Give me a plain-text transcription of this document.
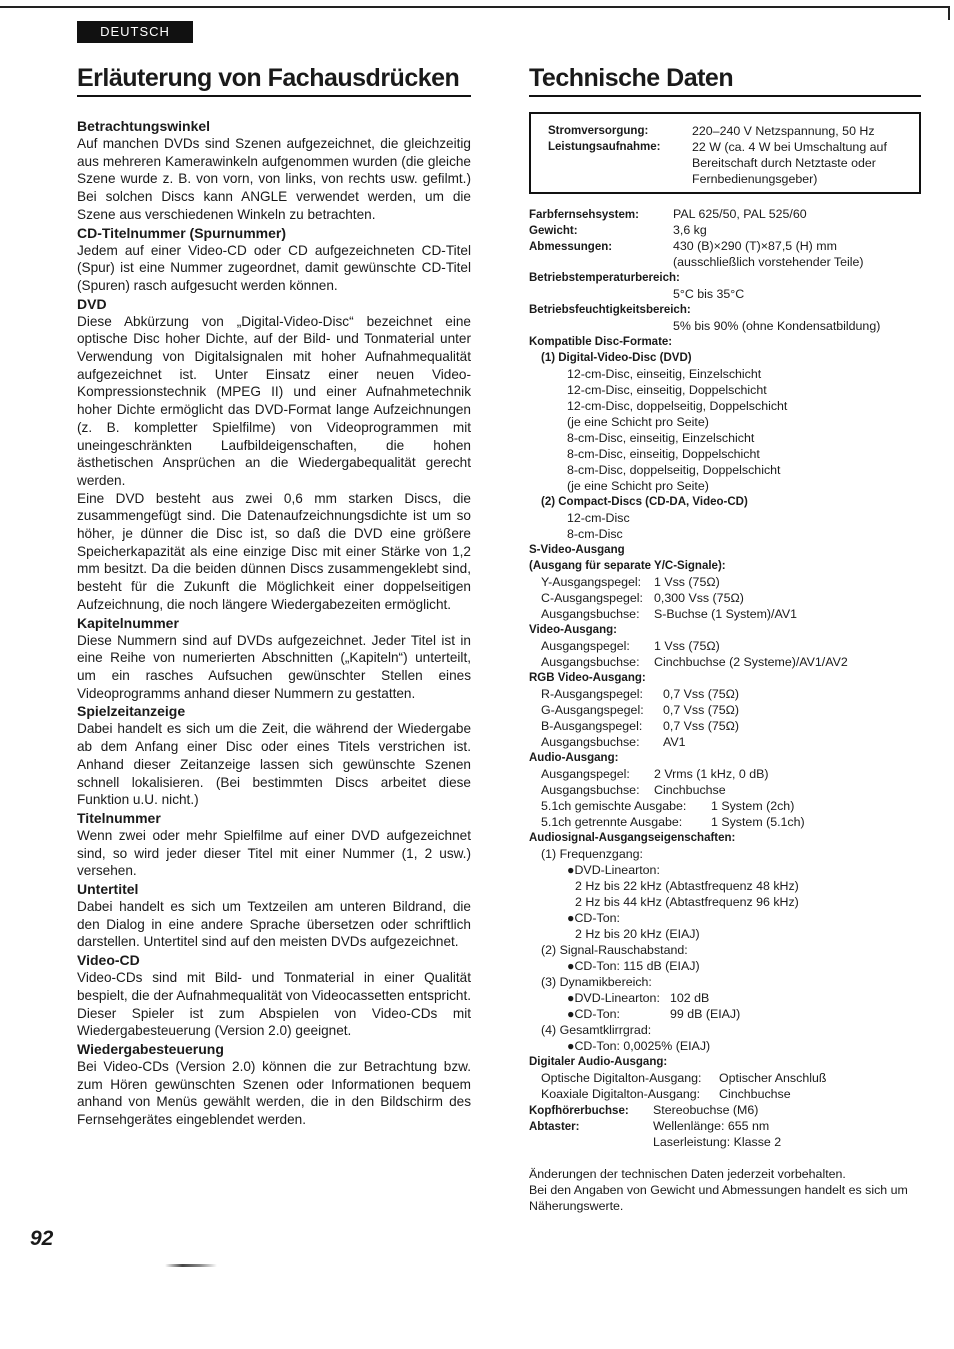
DEUTSCH
Erläuterung von Fachausdrücken	Technische Daten
Betrachtungswinkel

Auf manchen DVDs sind Szenen aufgezeichnet, die gleichzeitig aus mehreren Kamerawinkeln aufgenommen wurden (die gleiche Szene wurde z. B. von vorn, von links, von rechts usw. gefilmt.) Bei solchen Discs kann ANGLE verwendet werden, um die Szene aus verschiedenen Winkeln zu betrachten.

CD-Titelnummer (Spurnummer)

Jedem auf einer Video-CD oder CD aufgezeichneten CD-Titel (Spur) ist eine Nummer zugeordnet, damit gewünschte CD-Titel (Spuren) rasch aufgesucht werden können.

DVD

Diese Abkürzung von „Digital-Video-Disc“ bezeichnet eine optische Disc hoher Dichte, auf der Bild- und Tonmaterial unter Verwendung von Digitalsignalen mit hoher Aufnahmequalität aufgezeichnet ist. Unter Einsatz einer neuen Video-Kompressionstechnik (MPEG II) und einer Aufnahmetechnik hoher Dichte ermöglicht das DVD-Format lange Aufzeichnungen (z. B. kompletter Spielfilme) von Videoprogrammen mit uneingeschränkten Laufbildeigenschaften, die hohen ästhetischen Ansprüchen an die Wiedergabequalität gerecht werden.

Eine DVD besteht aus zwei 0,6 mm starken Discs, die zusammengefügt sind. Die Datenaufzeichnungsdichte ist um so höher, je dünner die Disc ist, so daß die DVD eine größere Speicherkapazität als eine einzige Disc mit einer Stärke von 1,2 mm besitzt. Da die beiden dünnen Discs zusammengeklebt sind, besteht für die Zukunft die Möglichkeit einer doppelseitigen Aufzeichnung, die noch längere Wiedergabezeiten ermöglicht.

Kapitelnummer

Diese Nummern sind auf DVDs aufgezeichnet. Jeder Titel ist in eine Reihe von numerierten Abschnitten („Kapiteln“) unterteilt, um ein rasches Aufsuchen gewünschter Stellen eines Videoprogramms anhand dieser Nummern zu gestatten.

Spielzeitanzeige

Dabei handelt es sich um die Zeit, die während der Wiedergabe ab dem Anfang einer Disc oder eines Titels verstrichen ist. Anhand dieser Zeitanzeige lassen sich gewünschte Szenen schnell lokalisieren. (Bei bestimmten Discs arbeitet diese Funktion u.U. nicht.)

Titelnummer

Wenn zwei oder mehr Spielfilme auf einer DVD aufgezeichnet sind, so wird jeder dieser Titel mit einer Nummer (1, 2 usw.) versehen.

Untertitel

Dabei handelt es sich um Textzeilen am unteren Bildrand, die den Dialog in eine andere Sprache übersetzen oder schriftlich darstellen. Untertitel sind auf den meisten DVDs aufgezeichnet.

Video-CD

Video-CDs sind mit Bild- und Tonmaterial in einer Qualität bespielt, die der Aufnahmequalität von Videocassetten entspricht. Dieser Spieler ist zum Abspielen von Video-CDs mit Wiedergabesteuerung (Version 2.0) geeignet.

Wiedergabesteuerung

Bei Video-CDs (Version 2.0) können die zur Betrachtung bzw. zum Hören gewünschten Szenen oder Informationen bequem anhand von Menüs gewählt werden, die in den Bildschirm des Fernsehgerätes eingeblendet werden.

Stromversorgung:	220–240 V Netzspannung, 50 Hz
Leistungsaufnahme:	22 W (ca. 4 W bei Umschaltung auf Bereitschaft durch Netztaste oder Fernbedienungsgeber)
Farbfernsehsystem:	PAL 625/50, PAL 525/60
Gewicht:	3,6 kg
Abmessungen:	430 (B)×290 (T)×87,5 (H) mm
(ausschließlich vorstehender Teile)
Betriebstemperaturbereich:
5°C bis 35°C
Betriebsfeuchtigkeitsbereich:
5% bis 90% (ohne Kondensatbildung)
Kompatible Disc-Formate:
(1) Digital-Video-Disc (DVD)
12-cm-Disc, einseitig, Einzelschicht
12-cm-Disc, einseitig, Doppelschicht
12-cm-Disc, doppelseitig, Doppelschicht
(je eine Schicht pro Seite)
8-cm-Disc, einseitig, Einzelschicht
8-cm-Disc, einseitig, Doppelschicht
8-cm-Disc, doppelseitig, Doppelschicht
(je eine Schicht pro Seite)
(2) Compact-Discs (CD-DA, Video-CD)
12-cm-Disc
8-cm-Disc
S-Video-Ausgang
(Ausgang für separate Y/C-Signale):
Y-Ausgangspegel: 1 Vss (75Ω)
C-Ausgangspegel: 0,300 Vss (75Ω)
Ausgangsbuchse: S-Buchse (1 System)/AV1
Video-Ausgang:
Ausgangspegel: 1 Vss (75Ω)
Ausgangsbuchse: Cinchbuchse (2 Systeme)/AV1/AV2
RGB Video-Ausgang:
R-Ausgangspegel: 0,7 Vss (75Ω)
G-Ausgangspegel: 0,7 Vss (75Ω)
B-Ausgangspegel: 0,7 Vss (75Ω)
Ausgangsbuchse: AV1
Audio-Ausgang:
Ausgangspegel: 2 Vrms (1 kHz, 0 dB)
Ausgangsbuchse: Cinchbuchse
5.1ch gemischte Ausgabe: 1 System (2ch)
5.1ch getrennte Ausgabe: 1 System (5.1ch)
Audiosignal-Ausgangseigenschaften:
(1) Frequenzgang:
●DVD-Linearton:
2 Hz bis 22 kHz (Abtastfrequenz 48 kHz)
2 Hz bis 44 kHz (Abtastfrequenz 96 kHz)
●CD-Ton:
2 Hz bis 20 kHz (EIAJ)
(2) Signal-Rauschabstand:
●CD-Ton: 115 dB (EIAJ)
(3) Dynamikbereich:
●DVD-Linearton: 102 dB
●CD-Ton:	99 dB (EIAJ)
(4) Gesamtklirrgrad:
●CD-Ton: 0,0025% (EIAJ)
Digitaler Audio-Ausgang:
Optische Digitalton-Ausgang: Optischer Anschluß
Koaxiale Digitalton-Ausgang: Cinchbuchse
Kopfhörerbuchse: Stereobuchse (M6)
Abtaster:	Wellenlänge: 655 nm
Laserleistung: Klasse 2
Änderungen der technischen Daten jederzeit vorbehalten.
Bei den Angaben von Gewicht und Abmessungen handelt es sich um Näherungswerte.
92
